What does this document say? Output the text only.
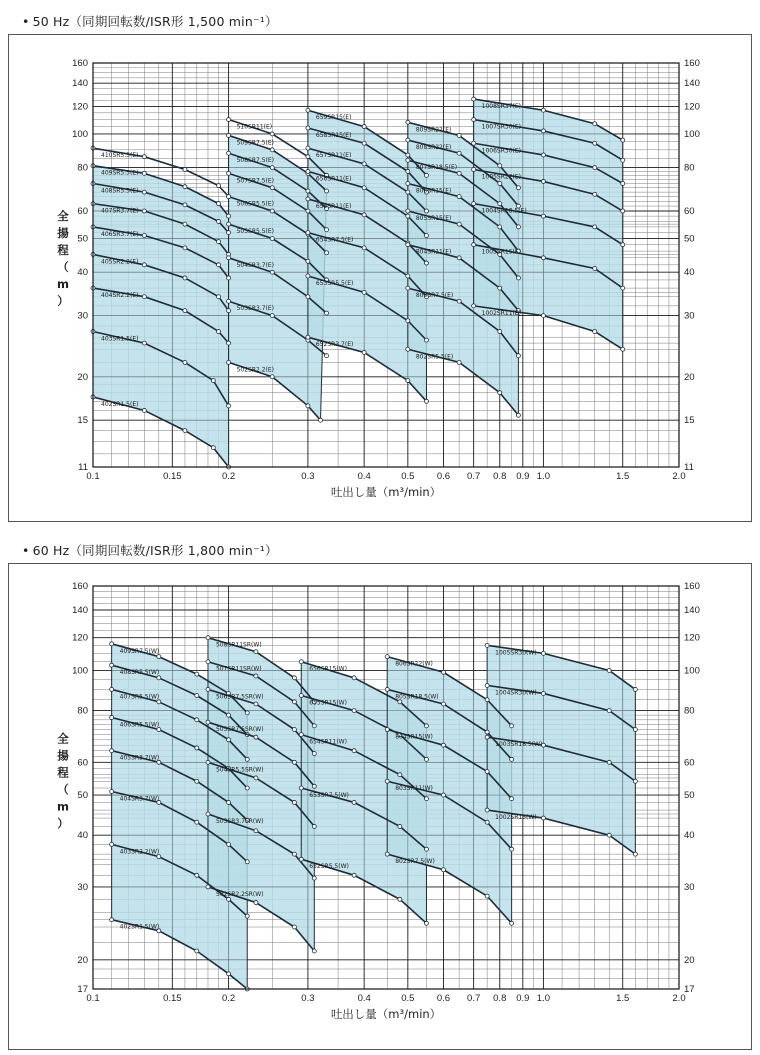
• 50 Hz（同期回転数/ISR形 1,500 min⁻¹）
402SR1.5(E)
403SR1.5(E)
404SR2.2(E)
405SR2.2(E)
406SR3.7(E)
407SR3.7(E)
408SR5.5(E)
409SR5.5(E)
410SR5.5(E)
502SR2.2(E)
503SR3.7(E)
504SR3.7(E)
505SR5.5(E)
506SR5.5(E)
507SR7.5(E)
508SR7.5(E)
509SR7.5(E)
510SR11(E)
652SR3.7(E)
653SR5.5(E)
654SR7.5(E)
655SR11(E)
656SR11(E)
657SR11(E)
658SR15(E)
659SR15(E)
802SR5.5(E)
803SR7.5(E)
804SR11(E)
805SR15(E)
806SR15(E)
807SR18.5(E)
808SR22(E)
809SR22(E)
1002SR11(E)
1003SR15(E)
1004SR18.5(E)
1005SR22(E)
1006SR30(E)
1007SR30(E)
1008SR37(E)
0.1	0.15	0.2	0.3	0.4	0.5 0.6 0.7 0.8 0.9 1.0	1.5	2.0
11	11
15	15
20	20
30	30
40	40
50	50
60	60
80	80
100	100
120	120
140	140
160	160
吐出し量（m³/min）
全揚程（ m ）
• 60 Hz（同期回転数/ISR形 1,800 min⁻¹）
402SR1.5(W)
403SR2.2(W)
404SR3.7(W)
405SR3.7(W)
406SR5.5(W)
407SR5.5(W)
408SR5.5(W)
409SR7.5(W)
502SR2.2SR(W)
503SR3.7SR(W)
504SR5.5SR(W)
505SR7.5SR(W)
506SR7.5SR(W)
507SR11SR(W)
508SR11SR(W)
652SR5.5(W)
653SR7.5(W)
654SR11(W)
655SR15(W)
656SR15(W)
802SR7.5(W)
803SR11(W)
804SR15(W)
805SR18.5(W)
806SR22(W)
1002SR15(W)
1003SR18.5(W)
1004SR30(W)
1005SR30(W)
0.1	0.15	0.2	0.3	0.4	0.5 0.6 0.7 0.8 0.9 1.0	1.5	2.0
17	17
20	20
30	30
40	40
50	50
60	60
80	80
100	100
120	120
140	140
160	160
吐出し量（m³/min）
全揚程（ m ）
